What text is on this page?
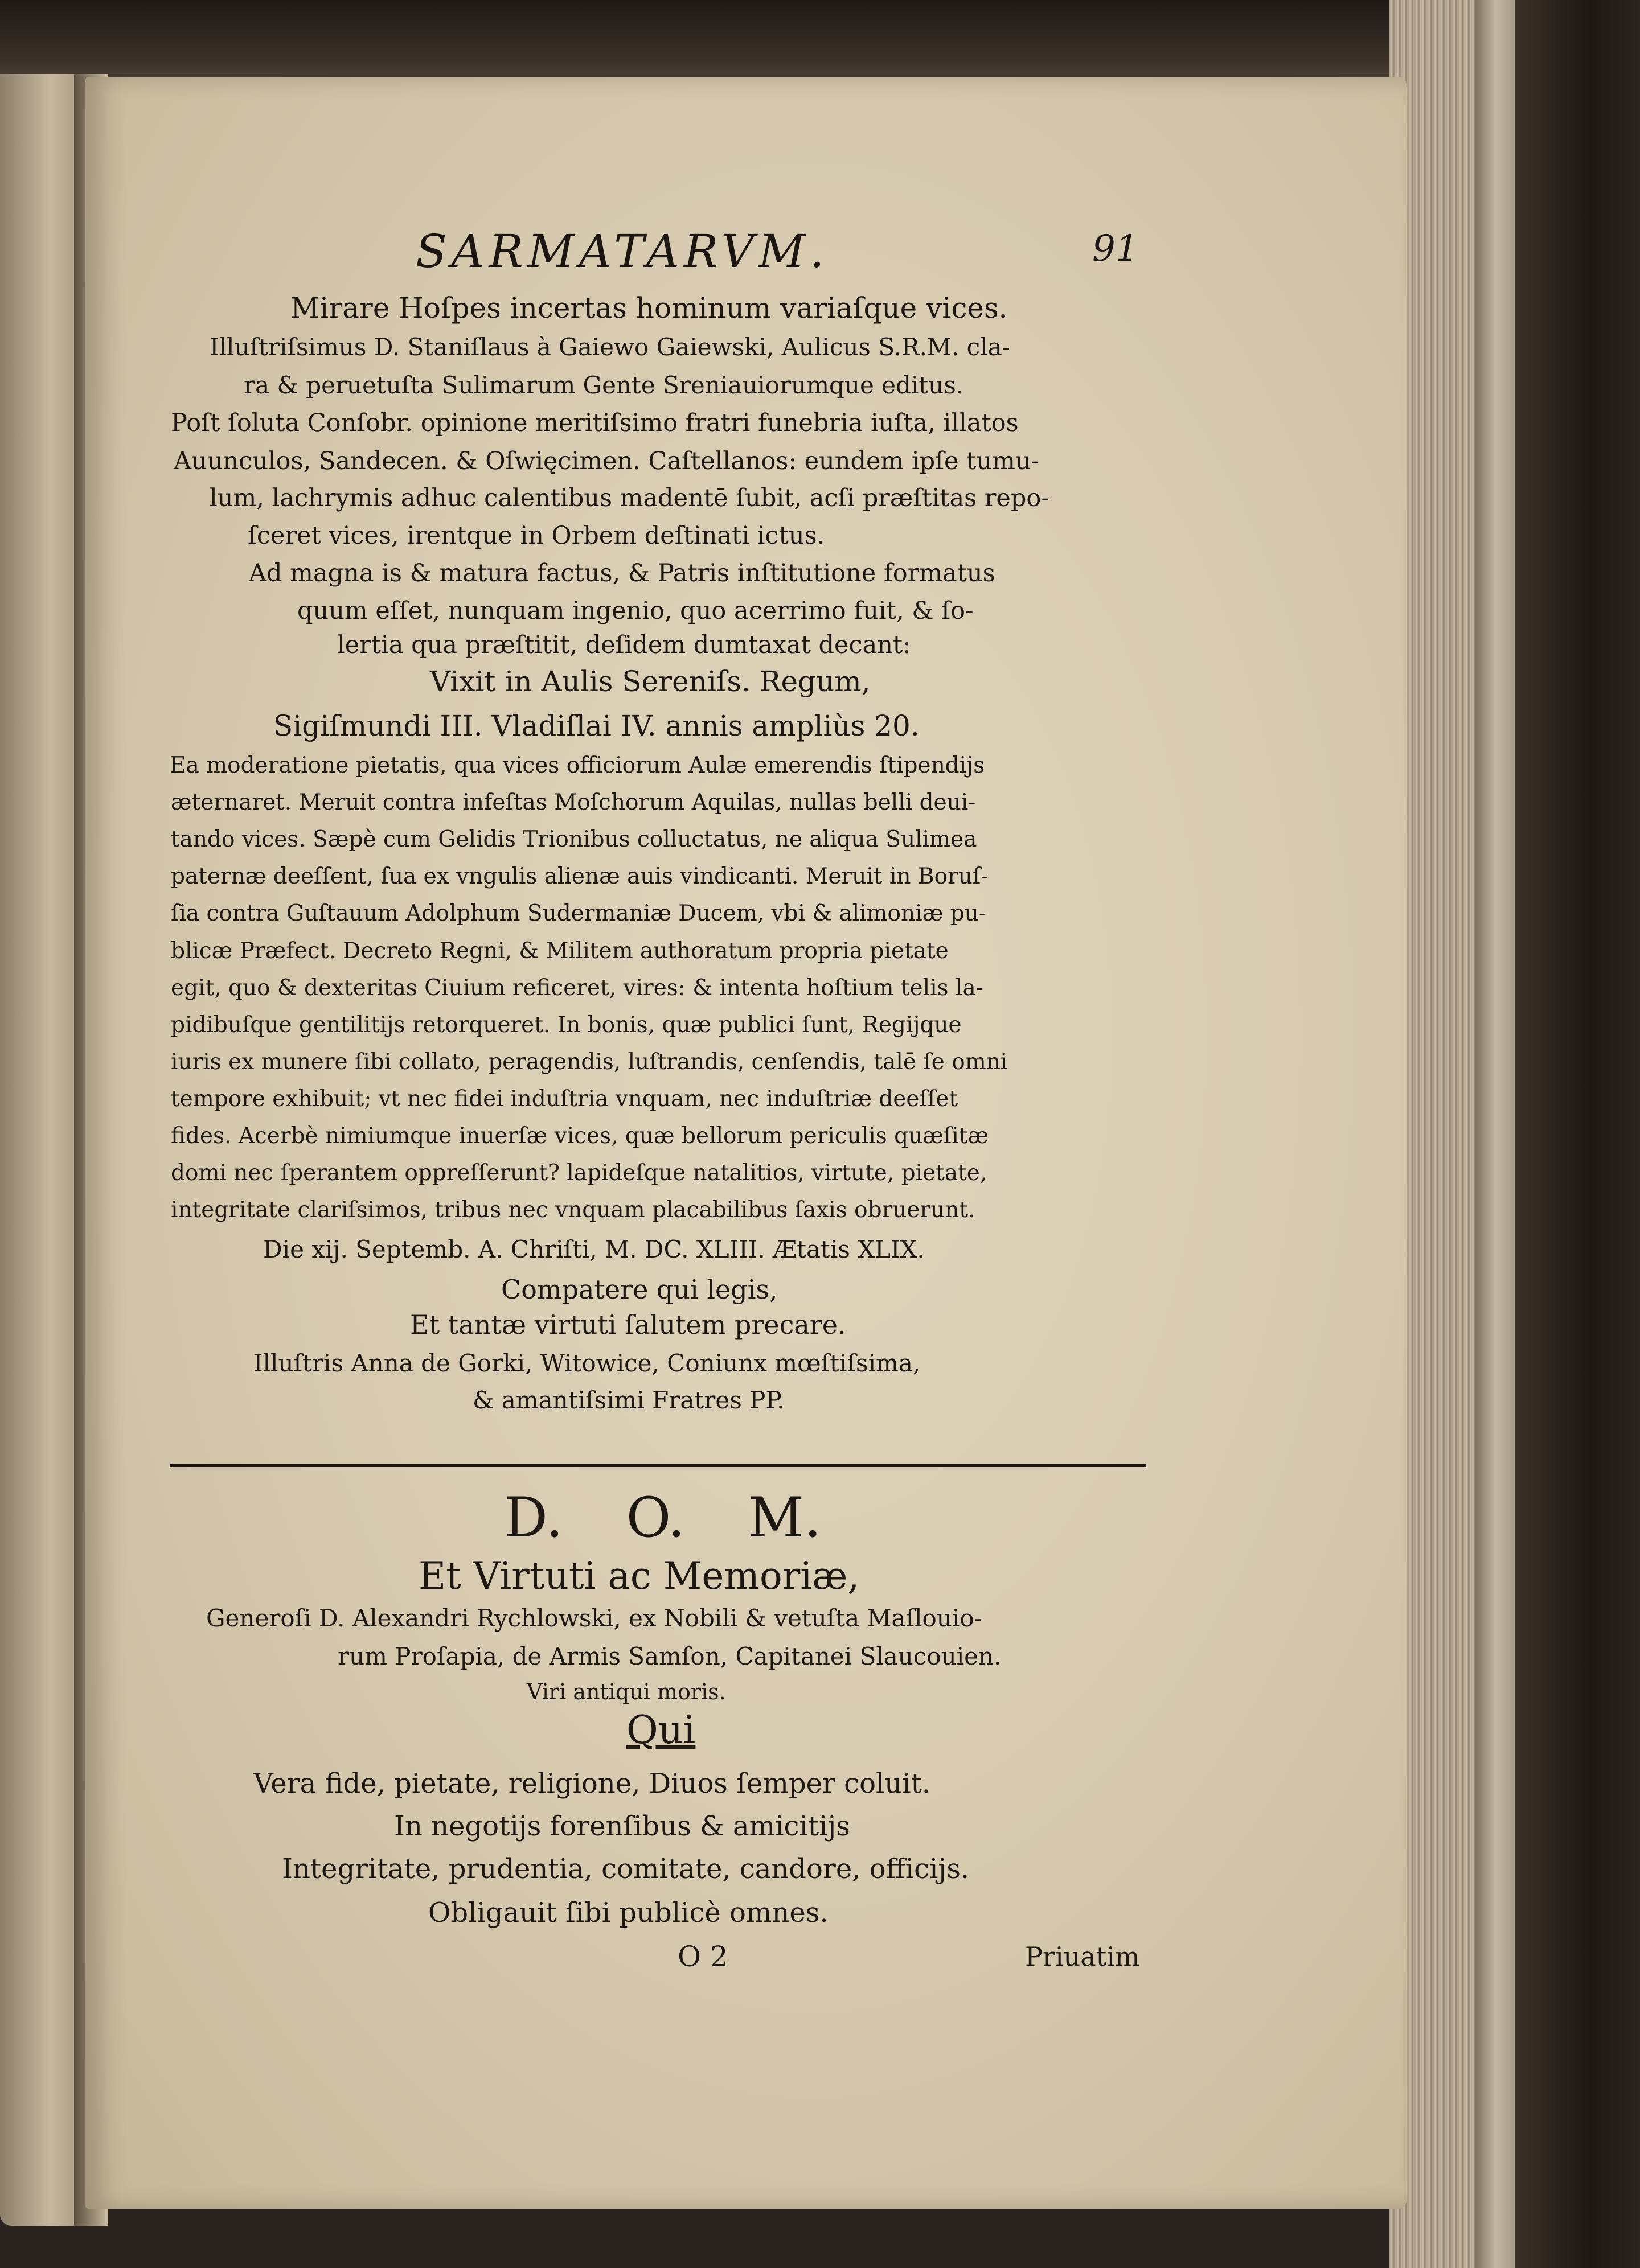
SARMATARVM.	91
Mirare Hoſpes incertas hominum variaſque vices.
Illuſtriſsimus D. Staniſlaus à Gaiewo Gaiewski, Aulicus S.R.M. cla-
ra & peruetuſta Sulimarum Gente Sreniauiorumque editus.
Poſt ſoluta Conſobr. opinione meritiſsimo fratri funebria iuſta, illatos
Auunculos, Sandecen. & Oſwięcimen. Caſtellanos: eundem ipſe tumu-
lum, lachrymis adhuc calentibus madentē ſubit, acſi præſtitas repo-
ſceret vices, irentque in Orbem deſtinati ictus.
Ad magna is & matura factus, & Patris inſtitutione formatus
quum eſſet, nunquam ingenio, quo acerrimo fuit, & ſo-
lertia qua præſtitit, deſidem dumtaxat decant:
Vixit in Aulis Sereniſs. Regum,
Sigiſmundi III. Vladiſlai IV. annis ampliùs 20.
Ea moderatione pietatis, qua vices officiorum Aulæ emerendis ſtipendijs
æternaret. Meruit contra infeſtas Moſchorum Aquilas, nullas belli deui-
tando vices. Sæpè cum Gelidis Trionibus colluctatus, ne aliqua Sulimea
paternæ deeſſent, ſua ex vngulis alienæ auis vindicanti. Meruit in Boruſ-
ſia contra Guſtauum Adolphum Sudermaniæ Ducem, vbi & alimoniæ pu-
blicæ Præfect. Decreto Regni, & Militem authoratum propria pietate
egit, quo & dexteritas Ciuium reficeret, vires: & intenta hoſtium telis la-
pidibuſque gentilitijs retorqueret. In bonis, quæ publici ſunt, Regijque
iuris ex munere ſibi collato, peragendis, luſtrandis, cenſendis, talē ſe omni
tempore exhibuit; vt nec fidei induſtria vnquam, nec induſtriæ deeſſet
fides. Acerbè nimiumque inuerſæ vices, quæ bellorum periculis quæſitæ
domi nec ſperantem oppreſſerunt? lapideſque natalitios, virtute, pietate,
integritate clariſsimos, tribus nec vnquam placabilibus ſaxis obruerunt.
Die xij. Septemb. A. Chriſti, M. DC. XLIII. Ætatis XLIX.
Compatere qui legis,
Et tantæ virtuti ſalutem precare.
Illuſtris Anna de Gorki, Witowice, Coniunx mœſtiſsima,
& amantiſsimi Fratres PP.
D. O. M.
Et Virtuti ac Memoriæ,
Generoſi D. Alexandri Rychlowski, ex Nobili & vetuſta Maſlouio-
rum Proſapia, de Armis Samſon, Capitanei Slaucouien.
Viri antiqui moris.
Qui
Vera fide, pietate, religione, Diuos ſemper coluit.
In negotijs forenſibus & amicitijs
Integritate, prudentia, comitate, candore, officijs.
Obligauit ſibi publicè omnes.
O 2	Priuatim
